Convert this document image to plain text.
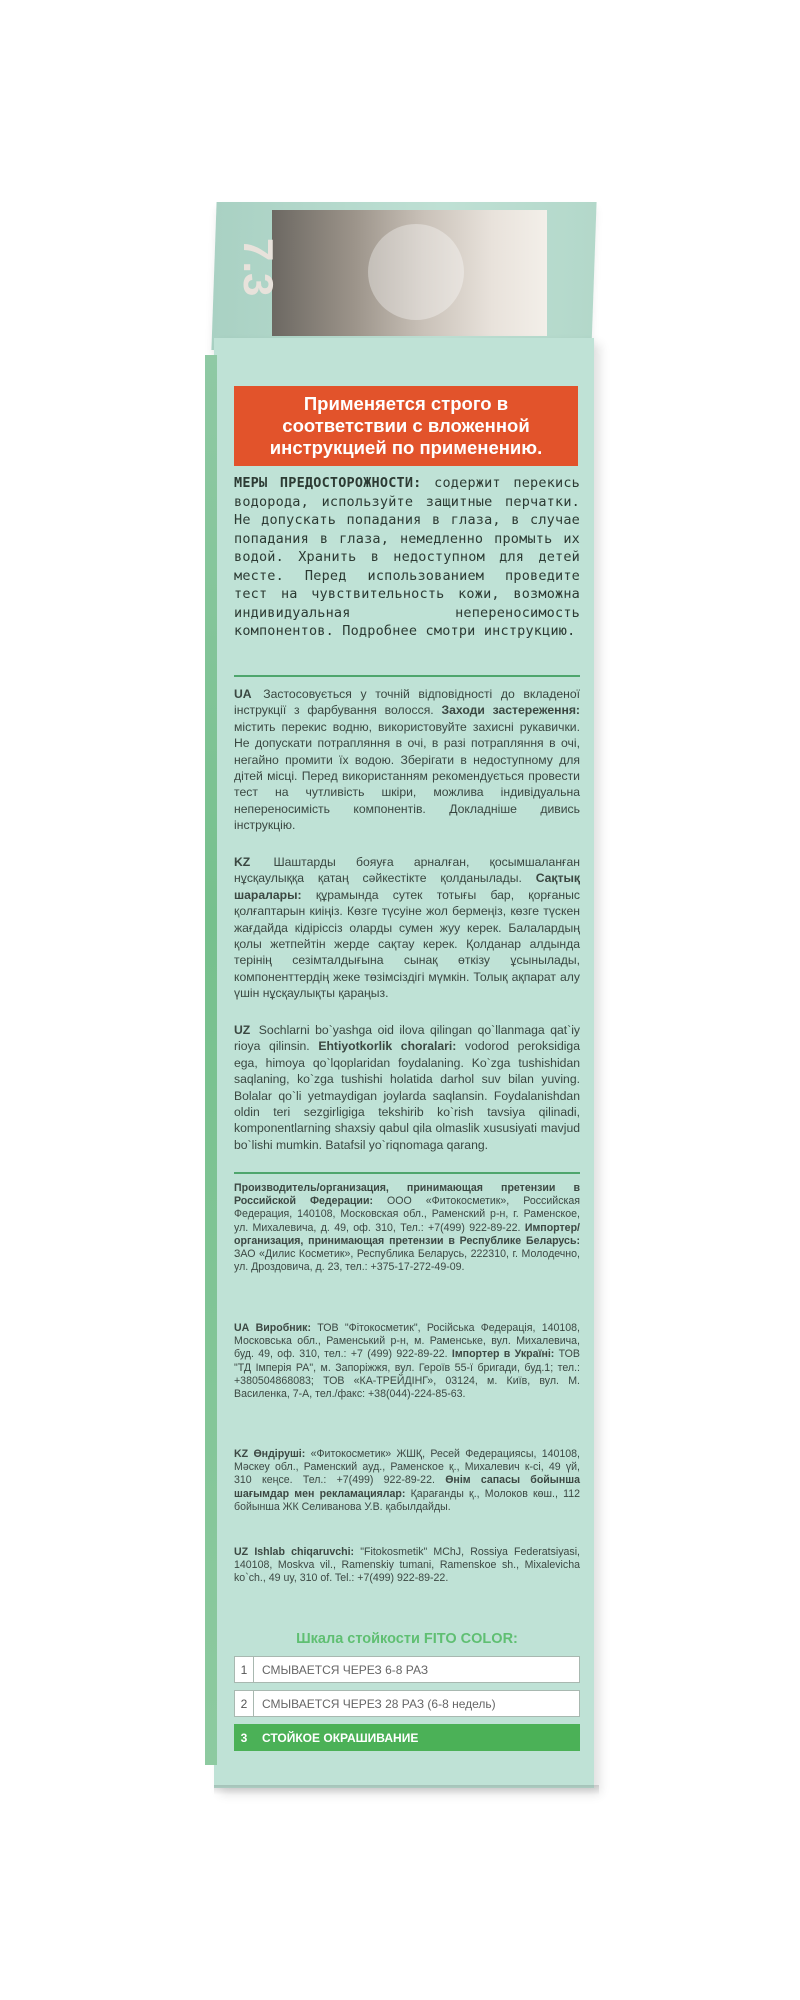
7.3
Применяется строго в соответствии с вложенной инструкцией по применению.
МЕРЫ ПРЕДОСТОРОЖНОСТИ: содержит перекись водорода, используйте защитные перчатки. Не допускать попадания в глаза, в случае попадания в глаза, немедленно промыть их водой. Хранить в недоступном для детей месте. Перед использованием проведите тест на чувствительность кожи, возможна индивидуальная непереносимость компонентов. Подробнее смотри инструкцию.
UA Застосовується у точній відповідності до вкладеної інструкції з фарбування волосся. Заходи застереження: містить перекис водню, використовуйте захисні рукавички. Не допускати потрапляння в очі, в разі потрапляння в очі, негайно промити їх водою. Зберігати в недоступному для дітей місці. Перед використанням рекомендується провести тест на чутливість шкіри, можлива індивідуальна непереносимість компонентів. Докладніше дивись інструкцію.
KZ Шаштарды бояуға арналған, қосымшаланған нұсқаулыққа қатаң сәйкестікте қолданылады. Сақтық шаралары: құрамында сутек тотығы бар, қорғаныс қолғаптарын киіңіз. Көзге түсуіне жол бермеңіз, көзге түскен жағдайда кідіріссіз оларды сумен жуу керек. Балалардың қолы жетпейтін жерде сақтау керек. Қолданар алдында терінің сезімталдығына сынақ өткізу ұсынылады, компоненттердің жеке төзімсіздігі мүмкін. Толық ақпарат алу үшін нұсқаулықты қараңыз.
UZ Sochlarni bo`yashga oid ilova qilingan qo`llanmaga qat`iy rioya qilinsin. Ehtiyotkorlik choralari: vodorod peroksidiga ega, himoya qo`lqoplaridan foydalaning. Ko`zga tushishidan saqlaning, ko`zga tushishi holatida darhol suv bilan yuving. Bolalar qo`li yetmaydigan joylarda saqlansin. Foydalanishdan oldin teri sezgirligiga tekshirib ko`rish tavsiya qilinadi, komponentlarning shaxsiy qabul qila olmaslik xususiyati mavjud bo`lishi mumkin. Batafsil yo`riqnomaga qarang.
Производитель/организация, принимающая претензии в Российской Федерации: ООО «Фитокосметик», Российская Федерация, 140108, Московская обл., Раменский р-н, г. Раменское, ул. Михалевича, д. 49, оф. 310, Тел.: +7(499) 922-89-22. Импортер/организация, принимающая претензии в Республике Беларусь: ЗАО «Дилис Косметик», Республика Беларусь, 222310, г. Молодечно, ул. Дроздовича, д. 23, тел.: +375-17-272-49-09.
UA Виробник: ТОВ "Фітокосметик", Російська Федерація, 140108, Московська обл., Раменський р-н, м. Раменське, вул. Михалевича, буд. 49, оф. 310, тел.: +7 (499) 922-89-22. Імпортер в Україні: ТОВ "ТД Імперія РА", м. Запоріжжя, вул. Героїв 55-ї бригади, буд.1; тел.: +380504868083; ТОВ «КА-ТРЕЙДІНГ», 03124, м. Київ, вул. М. Василенка, 7-А, тел./факс: +38(044)-224-85-63.
KZ Өндіруші: «Фитокосметик» ЖШҚ, Ресей Федерациясы, 140108, Мәскеу обл., Раменский ауд., Раменское қ., Михалевич к-сі, 49 үй, 310 кеңсе. Тел.: +7(499) 922-89-22. Өнім сапасы бойынша шағымдар мен рекламациялар: Қарағанды қ., Молоков көш., 112 бойынша ЖК Селиванова У.В. қабылдайды.
UZ Ishlab chiqaruvchi: "Fitokosmetik" MChJ, Rossiya Federatsiyasi, 140108, Moskva vil., Ramenskiy tumani, Ramenskoe sh., Mixalevicha ko`ch., 49 uy, 310 of. Tel.: +7(499) 922-89-22.
Шкала стойкости FITO COLOR:
1	СМЫВАЕТСЯ ЧЕРЕЗ 6-8 РАЗ
2	СМЫВАЕТСЯ ЧЕРЕЗ 28 РАЗ (6-8 недель)
3	СТОЙКОЕ ОКРАШИВАНИЕ
